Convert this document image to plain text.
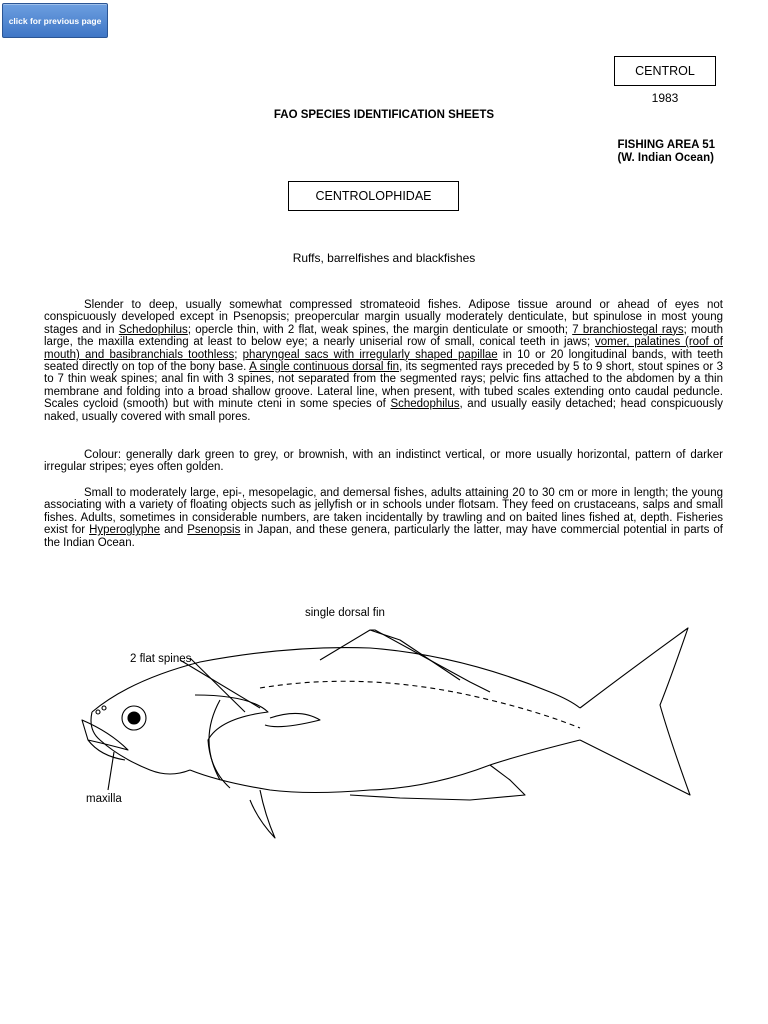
click for previous page
CENTROL
1983
FAO SPECIES IDENTIFICATION SHEETS
FISHING AREA 51
(W. Indian Ocean)
CENTROLOPHIDAE
Ruffs, barrelfishes and blackfishes

Slender to deep, usually somewhat compressed stromateoid fishes. Adipose tissue around or ahead of eyes not conspicuously developed except in Psenopsis; preopercular margin usually moderately denticulate, but spinulose in most young stages and in Schedophilus; opercle thin, with 2 flat, weak spines, the margin denticulate or smooth; 7 branchiostegal rays; mouth large, the maxilla extending at least to below eye; a nearly uniserial row of small, conical teeth in jaws; vomer, palatines (roof of mouth) and basibranchials toothless; pharyngeal sacs with irregularly shaped papillae in 10 or 20 longitudinal bands, with teeth seated directly on top of the bony base. A single continuous dorsal fin, its segmented rays preceded by 5 to 9 short, stout spines or 3 to 7 thin weak spines; anal fin with 3 spines, not separated from the segmented rays; pelvic fins attached to the abdomen by a thin membrane and folding into a broad shallow groove. Lateral line, when present, with tubed scales extending onto caudal peduncle. Scales cycloid (smooth) but with minute cteni in some species of Schedophilus, and usually easily detached; head conspicuously naked, usually covered with small pores.

Colour: generally dark green to grey, or brownish, with an indistinct vertical, or more usually horizontal, pattern of darker irregular stripes; eyes often golden.

Small to moderately large, epi-, mesopelagic, and demersal fishes, adults attaining 20 to 30 cm or more in length; the young associating with a variety of floating objects such as jellyfish or in schools under flotsam. They feed on crustaceans, salps and small fishes. Adults, sometimes in considerable numbers, are taken incidentally by trawling and on baited lines fished at, depth. Fisheries exist for Hyperoglyphe and Psenopsis in Japan, and these genera, particularly the latter, may have commercial potential in parts of the Indian Ocean.

single dorsal fin
2 flat spines
maxilla
